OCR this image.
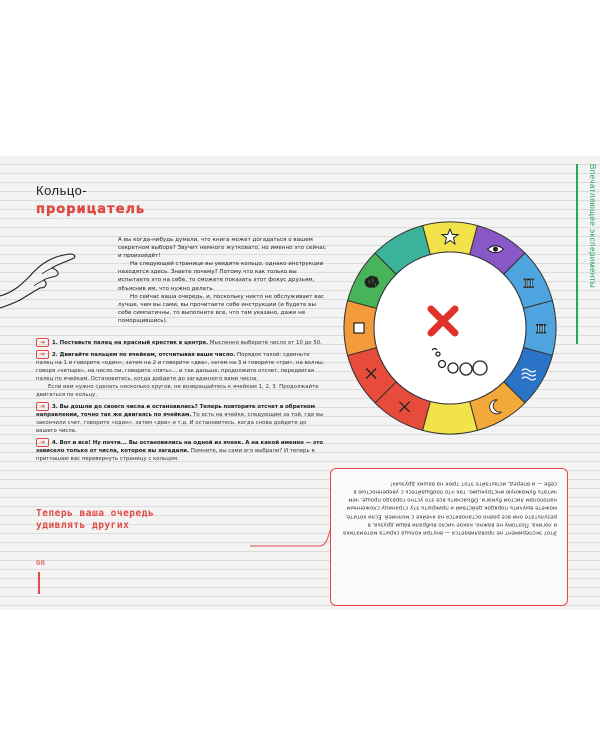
Кольцо-
прорицатель

А вы когда-нибудь думали, что книга может догадаться о вашем секретном выборе? Звучит немного жутковато, но именно это сейчас и произойдёт!

На следующей странице вы увидите кольцо, однако инструкции находятся здесь. Знаете почему? Потому что как только вы испытаете это на себе, то сможете показать этот фокус друзьям, объяснив им, что нужно делать.

Но сейчас ваша очередь, и, поскольку никто не обслуживает вас лучше, чем вы сами, вы прочитаете себе инструкции (и будете вы себе симпатичны, то выполните все, что там указано, даже не поморщившись).

➜ 1. Поставьте палец на красный крестик в центре. Мысленно выберите число от 10 до 50.

➜ 2. Двигайте пальцем по ячейкам, отсчитывая ваше число. Порядок такой: сдвиньте палец на 1 и говорите «один», затем на 2 и говорите «два», затем на 3 и говорите «три», на волны, говоря «четыре», на число пи, говорите «пять»... и так дальше, продолжите отсчет, передвигая палец по ячейкам. Остановитесь, когда дойдете до загаданного вами числа.

Если вам нужно сделать несколько кругов, не возвращайтесь к ячейкам 1, 2, 3. Продолжайте двигаться по кольцу.

➜ 3. Вы дошли до своего числа и остановились? Теперь повторите отсчет в обратном направлении, точно так же двигаясь по ячейкам. То есть на ячейке, следующим за той, где вы закончили счет, говорите «один», затем «два» и т.д. И остановитесь, когда снова дойдете до вашего числа.

➜ 4. Вот и все! Ну почти... Вы остановились на одной из ячеек. А на какой именно — это зависело только от числа, которое вы загадали. Помните, вы сами его выбрали? И теперь я приглашаю вас перевернуть страницу с кольцом.

Теперь ваша очередь
удивлять других
68
Впечатляющие эксперименты
π
π
Этот эксперимент не проваливается — внутри кольца скрыта математика и логика. Поэтому не важно, какое число выбрали ваши друзья, в результате они все равно остановятся на ячейке с молнией. Если хотите, можете выучить порядок действий и прикрыть эту страницу сложенным напополам листом бумаги. Объяснить все это устно гораздо проще, чем читать бумажную инструкцию, так что пообщайтесь с уверенностью в себе — и вперед, испытайте этот трюк на ваших друзьях!
